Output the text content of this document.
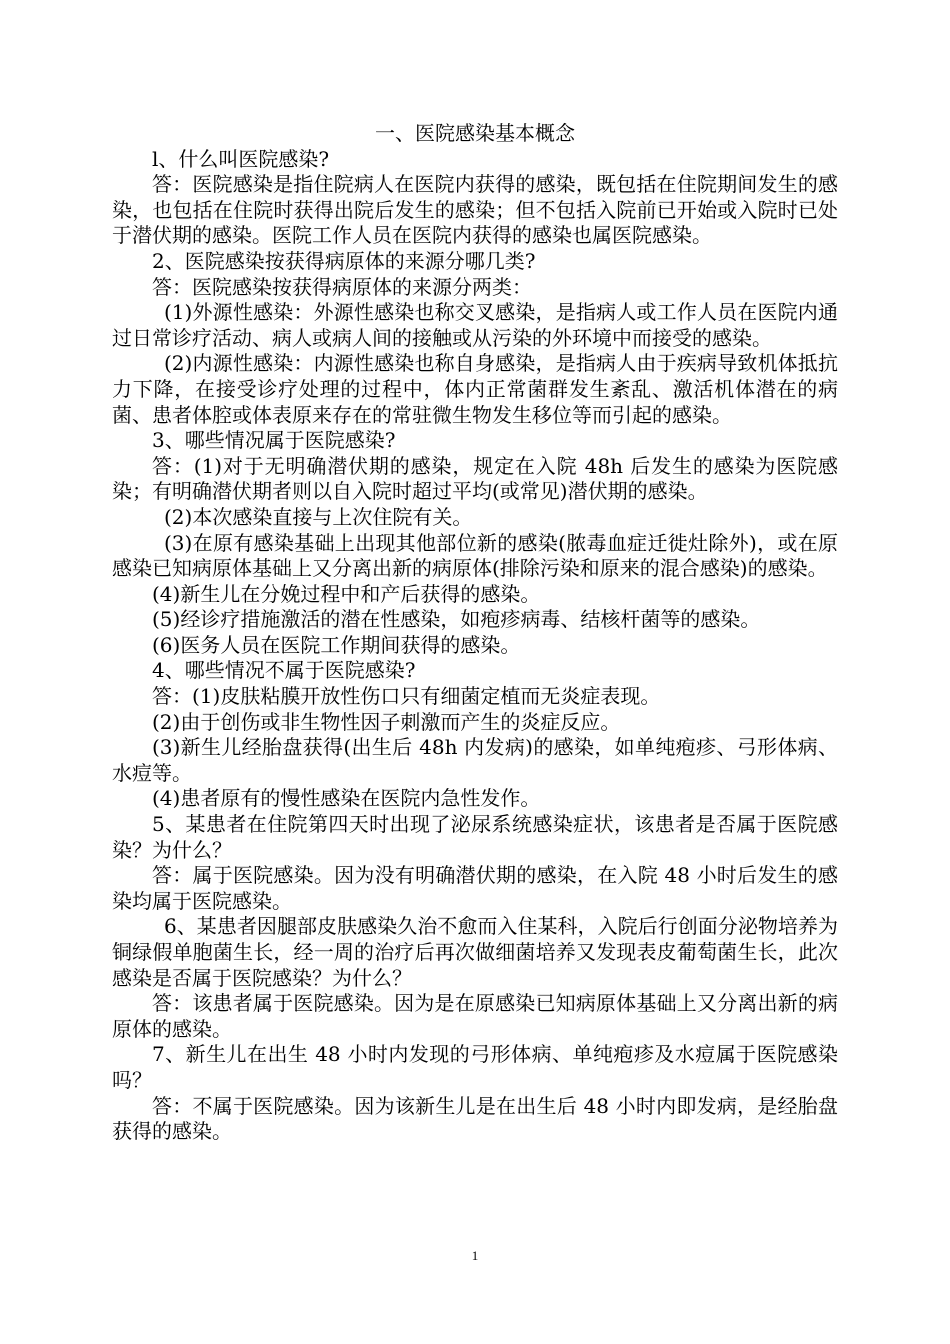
一、医院感染基本概念

l、什么叫医院感染?

答：医院感染是指住院病人在医院内获得的感染，既包括在住院期间发生的感染，也包括在住院时获得出院后发生的感染；但不包括入院前已开始或入院时已处于潜伏期的感染。医院工作人员在医院内获得的感染也属医院感染。

2、医院感染按获得病原体的来源分哪几类?

答：医院感染按获得病原体的来源分两类：

(1)外源性感染：外源性感染也称交叉感染，是指病人或工作人员在医院内通过日常诊疗活动、病人或病人间的接触或从污染的外环境中而接受的感染。

(2)内源性感染：内源性感染也称自身感染，是指病人由于疾病导致机体抵抗力下降，在接受诊疗处理的过程中，体内正常菌群发生紊乱、激活机体潜在的病菌、患者体腔或体表原来存在的常驻微生物发生移位等而引起的感染。

3、哪些情况属于医院感染?

答：(1)对于无明确潜伏期的感染，规定在入院 48h 后发生的感染为医院感染；有明确潜伏期者则以自入院时超过平均(或常见)潜伏期的感染。

(2)本次感染直接与上次住院有关。

(3)在原有感染基础上出现其他部位新的感染(脓毒血症迁徙灶除外)，或在原感染已知病原体基础上又分离出新的病原体(排除污染和原来的混合感染)的感染。

(4)新生儿在分娩过程中和产后获得的感染。

(5)经诊疗措施激活的潜在性感染，如疱疹病毒、结核杆菌等的感染。

(6)医务人员在医院工作期间获得的感染。

4、哪些情况不属于医院感染?

答：(1)皮肤粘膜开放性伤口只有细菌定植而无炎症表现。

(2)由于创伤或非生物性因子刺激而产生的炎症反应。

(3)新生儿经胎盘获得(出生后 48h 内发病)的感染，如单纯疱疹、弓形体病、水痘等。

(4)患者原有的慢性感染在医院内急性发作。

5、某患者在住院第四天时出现了泌尿系统感染症状，该患者是否属于医院感染？为什么？

答：属于医院感染。因为没有明确潜伏期的感染，在入院 48 小时后发生的感染均属于医院感染。

6、某患者因腿部皮肤感染久治不愈而入住某科，入院后行创面分泌物培养为铜绿假单胞菌生长，经一周的治疗后再次做细菌培养又发现表皮葡萄菌生长，此次感染是否属于医院感染？为什么？

答：该患者属于医院感染。因为是在原感染已知病原体基础上又分离出新的病原体的感染。

7、新生儿在出生 48 小时内发现的弓形体病、单纯疱疹及水痘属于医院感染吗？

答：不属于医院感染。因为该新生儿是在出生后 48 小时内即发病，是经胎盘获得的感染。

1
